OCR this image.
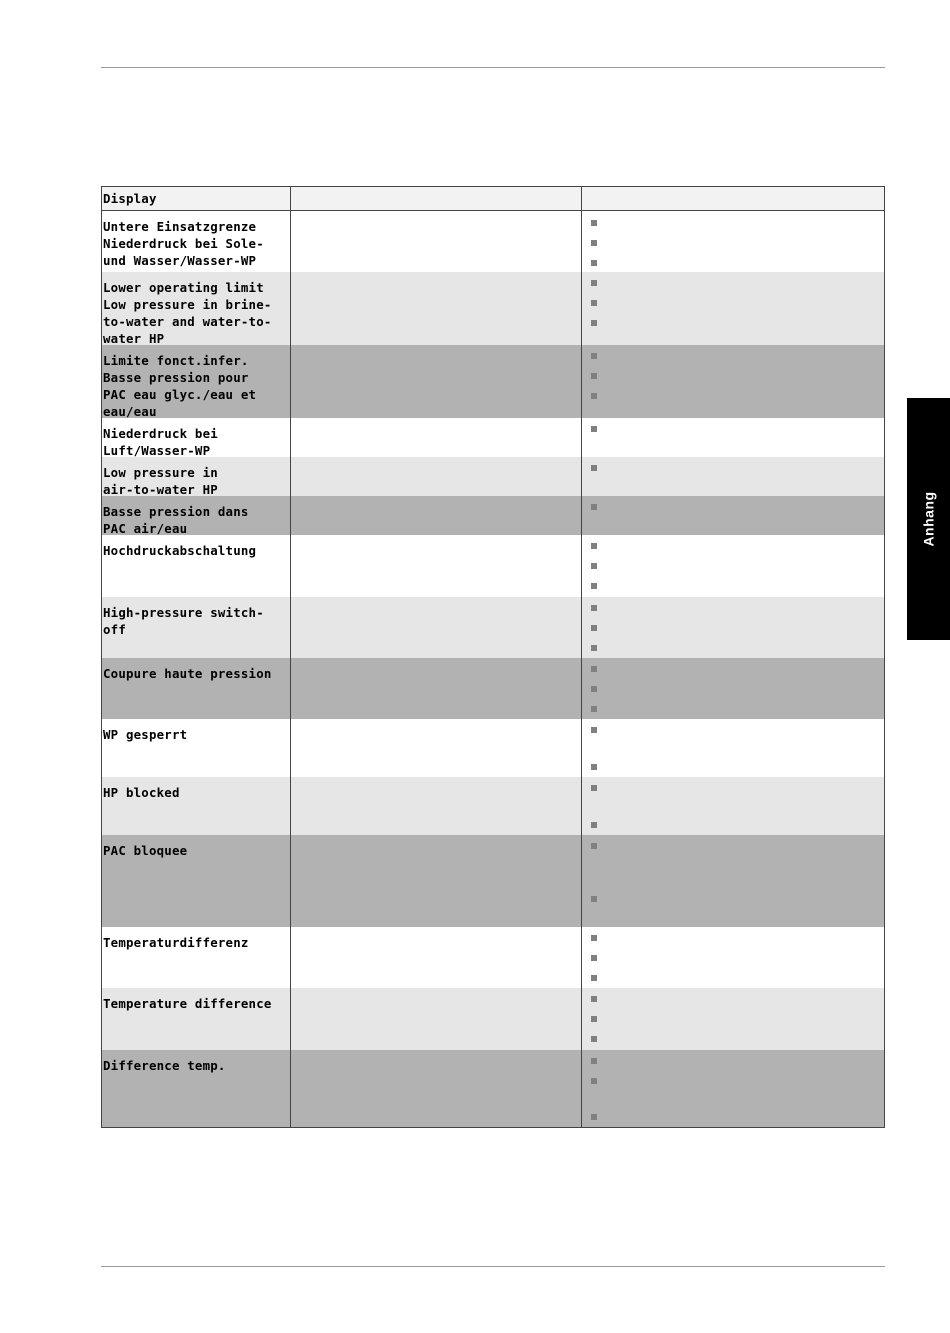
Anhang
Display
Untere Einsatzgrenze
Niederdruck bei Sole-
und Wasser/Wasser-WP
Lower operating limit
Low pressure in brine-
to-water and water-to-
water HP
Limite fonct.infer.
Basse pression pour
PAC eau glyc./eau et
eau/eau
Niederdruck bei
Luft/Wasser-WP
Low pressure in
air-to-water HP
Basse pression dans
PAC air/eau
Hochdruckabschaltung
High-pressure switch-
off
Coupure haute pression
WP gesperrt
HP blocked
PAC bloquee
Temperaturdifferenz
Temperature difference
Difference temp.
